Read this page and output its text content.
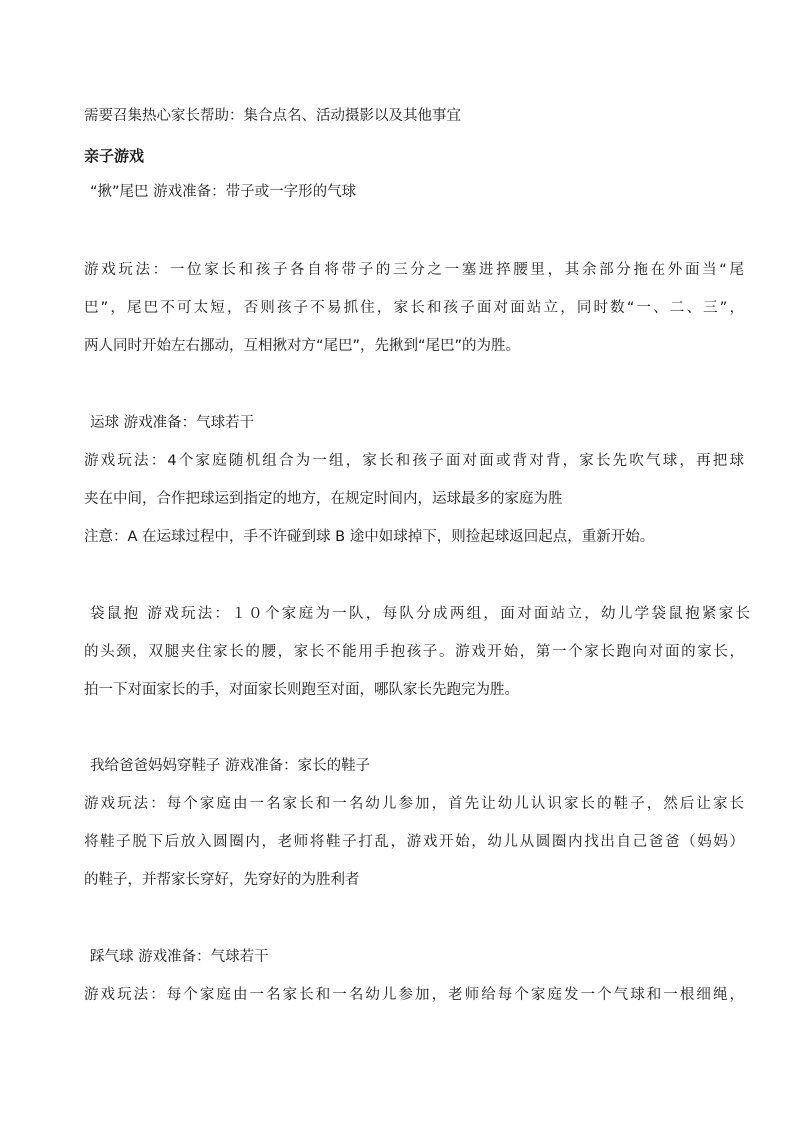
需要召集热心家长帮助：集合点名、活动摄影以及其他事宜
亲子游戏
“揪”尾巴 游戏准备：带子或一字形的气球
游戏玩法：一位家长和孩子各自将带子的三分之一塞进捽腰里，其余部分拖在外面当“尾
巴”，尾巴不可太短，否则孩子不易抓住，家长和孩子面对面站立，同时数“一、二、三”，
两人同时开始左右挪动，互相揪对方“尾巴”，先揪到“尾巴”的为胜。
运球 游戏准备：气球若干
游戏玩法：4个家庭随机组合为一组，家长和孩子面对面或背对背，家长先吹气球，再把球
夹在中间，合作把球运到指定的地方，在规定时间内，运球最多的家庭为胜
注意：A 在运球过程中，手不许碰到球 B 途中如球掉下，则捡起球返回起点，重新开始。
袋鼠抱 游戏玩法：１０个家庭为一队，每队分成两组，面对面站立，幼儿学袋鼠抱紧家长
的头颈，双腿夹住家长的腰，家长不能用手抱孩子。游戏开始，第一个家长跑向对面的家长，
拍一下对面家长的手，对面家长则跑至对面，哪队家长先跑完为胜。
我给爸爸妈妈穿鞋子 游戏准备：家长的鞋子
游戏玩法：每个家庭由一名家长和一名幼儿参加，首先让幼儿认识家长的鞋子，然后让家长
将鞋子脱下后放入圆圈内，老师将鞋子打乱，游戏开始，幼儿从圆圈内找出自己爸爸（妈妈）
的鞋子，并帮家长穿好，先穿好的为胜利者
踩气球 游戏准备：气球若干
游戏玩法：每个家庭由一名家长和一名幼儿参加，老师给每个家庭发一个气球和一根细绳，
